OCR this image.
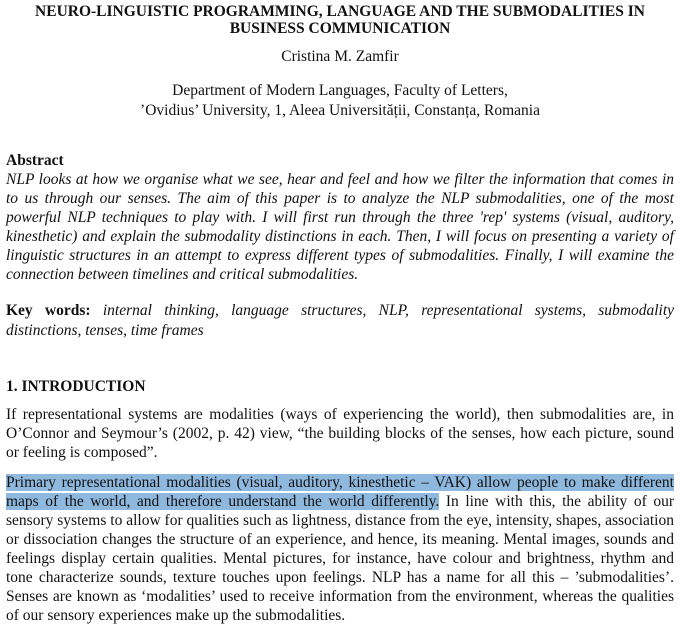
NEURO-LINGUISTIC PROGRAMMING, LANGUAGE AND THE SUBMODALITIES IN
BUSINESS COMMUNICATION
Cristina M. Zamfir
Department of Modern Languages, Faculty of Letters,
’Ovidius’ University, 1, Aleea Universității, Constanța, Romania
Abstract
NLP looks at how we organise what we see, hear and feel and how we filter the information that comes in to us through our senses. The aim of this paper is to analyze the NLP submodalities, one of the most powerful NLP techniques to play with. I will first run through the three 'rep' systems (visual, auditory, kinesthetic) and explain the submodality distinctions in each. Then, I will focus on presenting a variety of linguistic structures in an attempt to express different types of submodalities. Finally, I will examine the connection between timelines and critical submodalities.
Key words: internal thinking, language structures, NLP, representational systems, submodality distinctions, tenses, time frames
1. INTRODUCTION
If representational systems are modalities (ways of experiencing the world), then submodalities are, in O’Connor and Seymour’s (2002, p. 42) view, “the building blocks of the senses, how each picture, sound or feeling is composed”.
Primary representational modalities (visual, auditory, kinesthetic – VAK) allow people to make different maps of the world, and therefore understand the world differently. In line with this, the ability of our sensory systems to allow for qualities such as lightness, distance from the eye, intensity, shapes, association or dissociation changes the structure of an experience, and hence, its meaning. Mental images, sounds and feelings display certain qualities. Mental pictures, for instance, have colour and brightness, rhythm and tone characterize sounds, texture touches upon feelings. NLP has a name for all this – ’submodalities’. Senses are known as ‘modalities’ used to receive information from the environment, whereas the qualities of our sensory experiences make up the submodalities.
